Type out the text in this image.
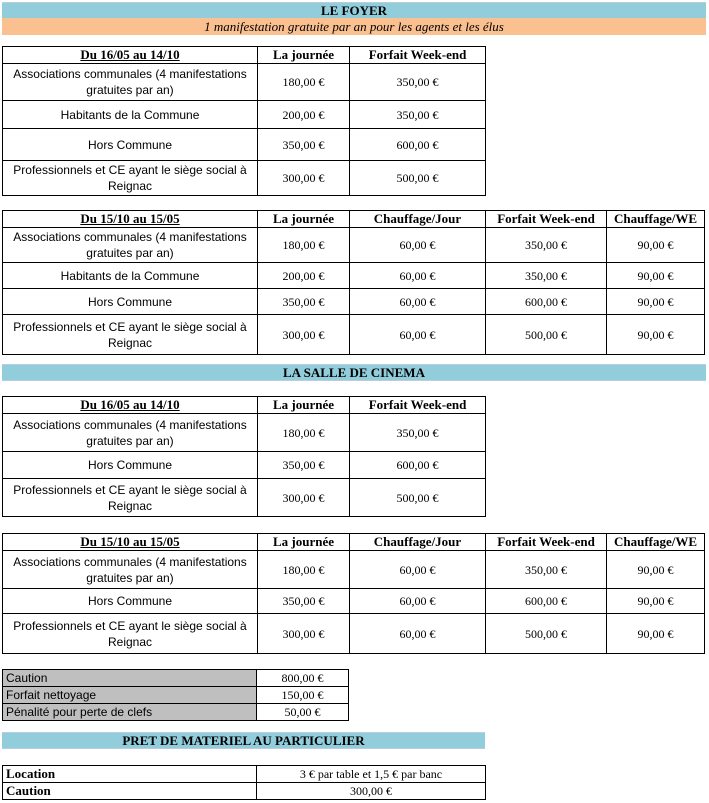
LE FOYER
1 manifestation gratuite par an pour les agents et les élus
Du 16/05 au 14/10	La journée	Forfait Week-end
Associations communales (4 manifestations gratuites par an)	180,00 €	350,00 €
Habitants de la Commune	200,00 €	350,00 €
Hors Commune	350,00 €	600,00 €
Professionnels et CE ayant le siège social à Reignac	300,00 €	500,00 €
Du 15/10 au 15/05	La journée	Chauffage/Jour	Forfait Week-end	Chauffage/WE
Associations communales (4 manifestations gratuites par an)	180,00 €	60,00 €	350,00 €	90,00 €
Habitants de la Commune	200,00 €	60,00 €	350,00 €	90,00 €
Hors Commune	350,00 €	60,00 €	600,00 €	90,00 €
Professionnels et CE ayant le siège social à Reignac	300,00 €	60,00 €	500,00 €	90,00 €
LA SALLE DE CINEMA
Du 16/05 au 14/10	La journée	Forfait Week-end
Associations communales (4 manifestations gratuites par an)	180,00 €	350,00 €
Hors Commune	350,00 €	600,00 €
Professionnels et CE ayant le siège social à Reignac	300,00 €	500,00 €
Du 15/10 au 15/05	La journée	Chauffage/Jour	Forfait Week-end	Chauffage/WE
Associations communales (4 manifestations gratuites par an)	180,00 €	60,00 €	350,00 €	90,00 €
Hors Commune	350,00 €	60,00 €	600,00 €	90,00 €
Professionnels et CE ayant le siège social à Reignac	300,00 €	60,00 €	500,00 €	90,00 €
Caution	800,00 €
Forfait nettoyage	150,00 €
Pénalité pour perte de clefs	50,00 €
PRET DE MATERIEL AU PARTICULIER
Location	3 € par table et 1,5 € par banc
Caution	300,00 €
